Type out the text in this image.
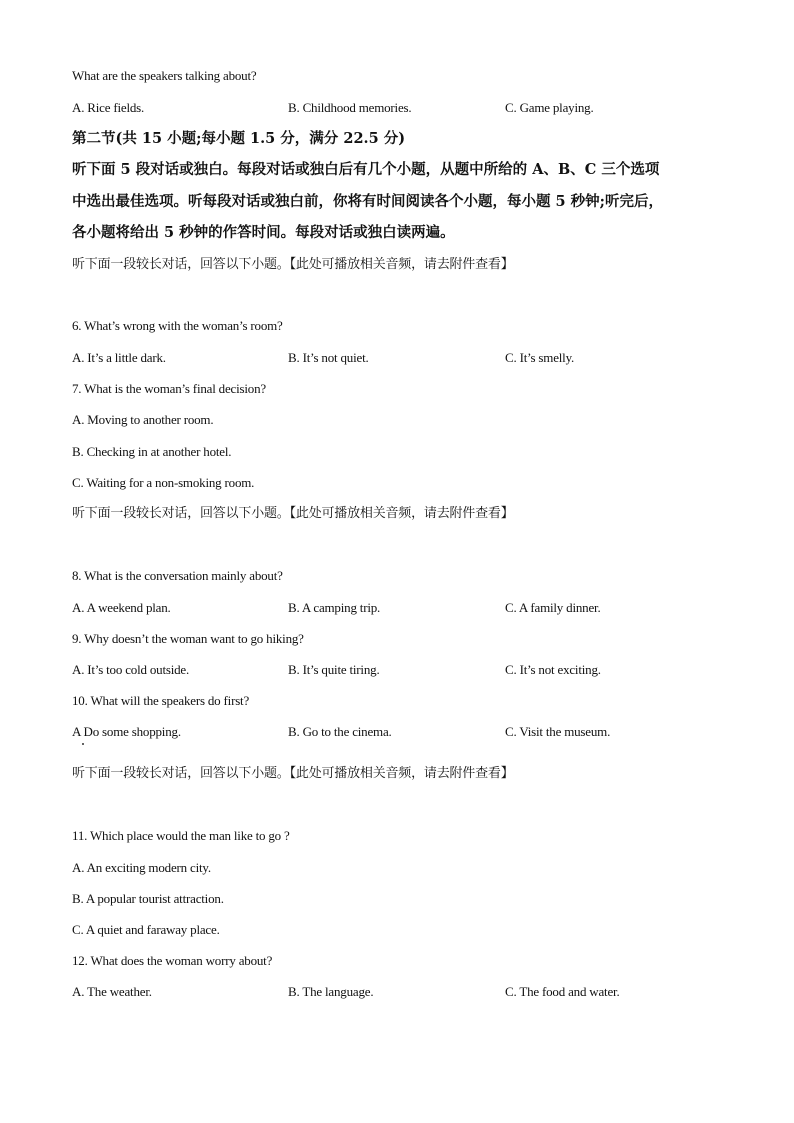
What are the speakers talking about?
A. Rice fields.	B. Childhood memories.	C. Game playing.
第二节(共 15 小题;每小题 1.5 分，满分 22.5 分)
听下面 5 段对话或独白。每段对话或独白后有几个小题，从题中所给的 A、B、C 三个选项
中选出最佳选项。听每段对话或独白前，你将有时间阅读各个小题，每小题 5 秒钟;听完后，
各小题将给出 5 秒钟的作答时间。每段对话或独白读两遍。
听下面一段较长对话，回答以下小题。【此处可播放相关音频，请去附件查看】
6. What’s wrong with the woman’s room?
A. It’s a little dark.	B. It’s not quiet.	C. It’s smelly.
7. What is the woman’s final decision?
A. Moving to another room.
B. Checking in at another hotel.
C. Waiting for a non-smoking room.
听下面一段较长对话，回答以下小题。【此处可播放相关音频，请去附件查看】
8. What is the conversation mainly about?
A. A weekend plan.	B. A camping trip.	C. A family dinner.
9. Why doesn’t the woman want to go hiking?
A. It’s too cold outside.	B. It’s quite tiring.	C. It’s not exciting.
10. What will the speakers do first?
A Do some shopping.	B. Go to the cinema.	C. Visit the museum.
听下面一段较长对话，回答以下小题。【此处可播放相关音频，请去附件查看】
11. Which place would the man like to go ?
A. An exciting modern city.
B. A popular tourist attraction.
C. A quiet and faraway place.
12. What does the woman worry about?
A. The weather.	B. The language.	C. The food and water.
